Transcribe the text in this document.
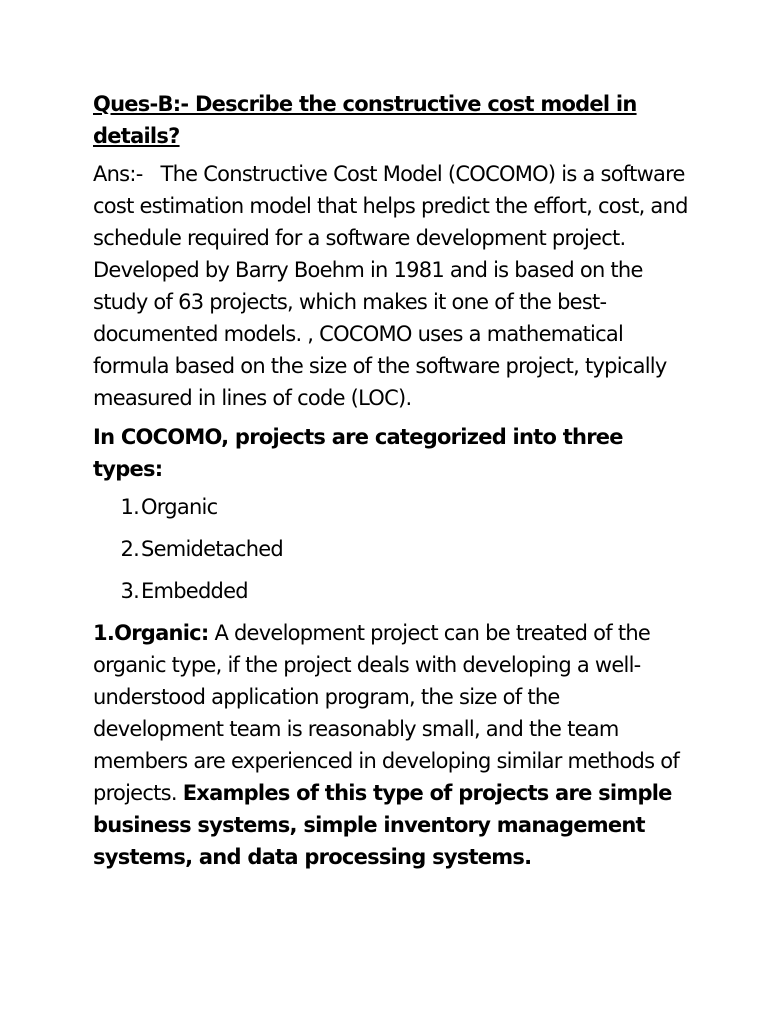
Ques-B:- Describe the constructive cost model in details?

Ans:- The Constructive Cost Model (COCOMO) is a software cost estimation model that helps predict the effort, cost, and schedule required for a software development project. Developed by Barry Boehm in 1981 and is based on the study of 63 projects, which makes it one of the best-documented models. , COCOMO uses a mathematical formula based on the size of the software project, typically measured in lines of code (LOC).

In COCOMO, projects are categorized into three types:

1. Organic
2. Semidetached
3. Embedded

1.Organic: A development project can be treated of the organic type, if the project deals with developing a well-understood application program, the size of the development team is reasonably small, and the team members are experienced in developing similar methods of projects. Examples of this type of projects are simple business systems, simple inventory management systems, and data processing systems.
